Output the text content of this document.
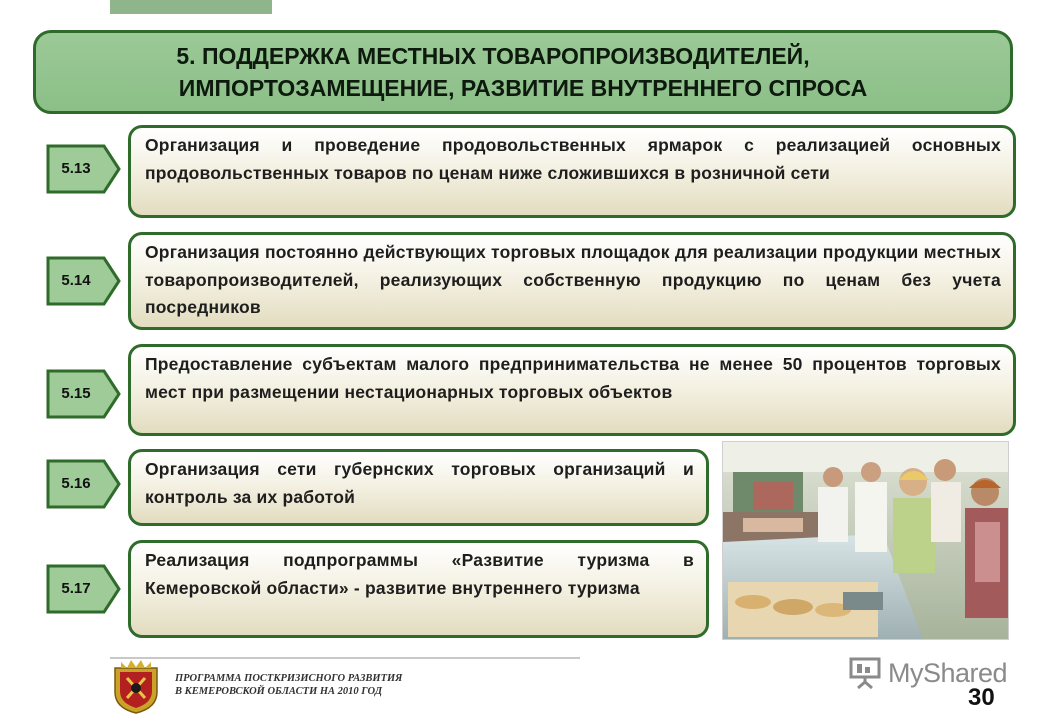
5. ПОДДЕРЖКА МЕСТНЫХ ТОВАРОПРОИЗВОДИТЕЛЕЙ,
ИМПОРТОЗАМЕЩЕНИЕ, РАЗВИТИЕ ВНУТРЕННЕГО СПРОСА
5.13

Организация и проведение продовольственных ярмарок с реализацией основных продовольственных товаров по ценам ниже сложившихся в розничной сети

5.14

Организация постоянно действующих торговых площадок для реализации продукции местных товаропроизводителей, реализующих собственную продукцию по ценам без учета посредников

5.15

Предоставление субъектам малого предпринимательства не менее 50 процентов торговых мест при размещении нестационарных торговых объектов

5.16

Организация сети губернских торговых организаций и контроль за их работой

5.17

Реализация подпрограммы «Развитие туризма в Кемеровской области» - развитие внутреннего туризма

ПРОГРАММА ПОСТКРИЗИСНОГО РАЗВИТИЯ
В КЕМЕРОВСКОЙ ОБЛАСТИ НА 2010 ГОД
MyShared
30
